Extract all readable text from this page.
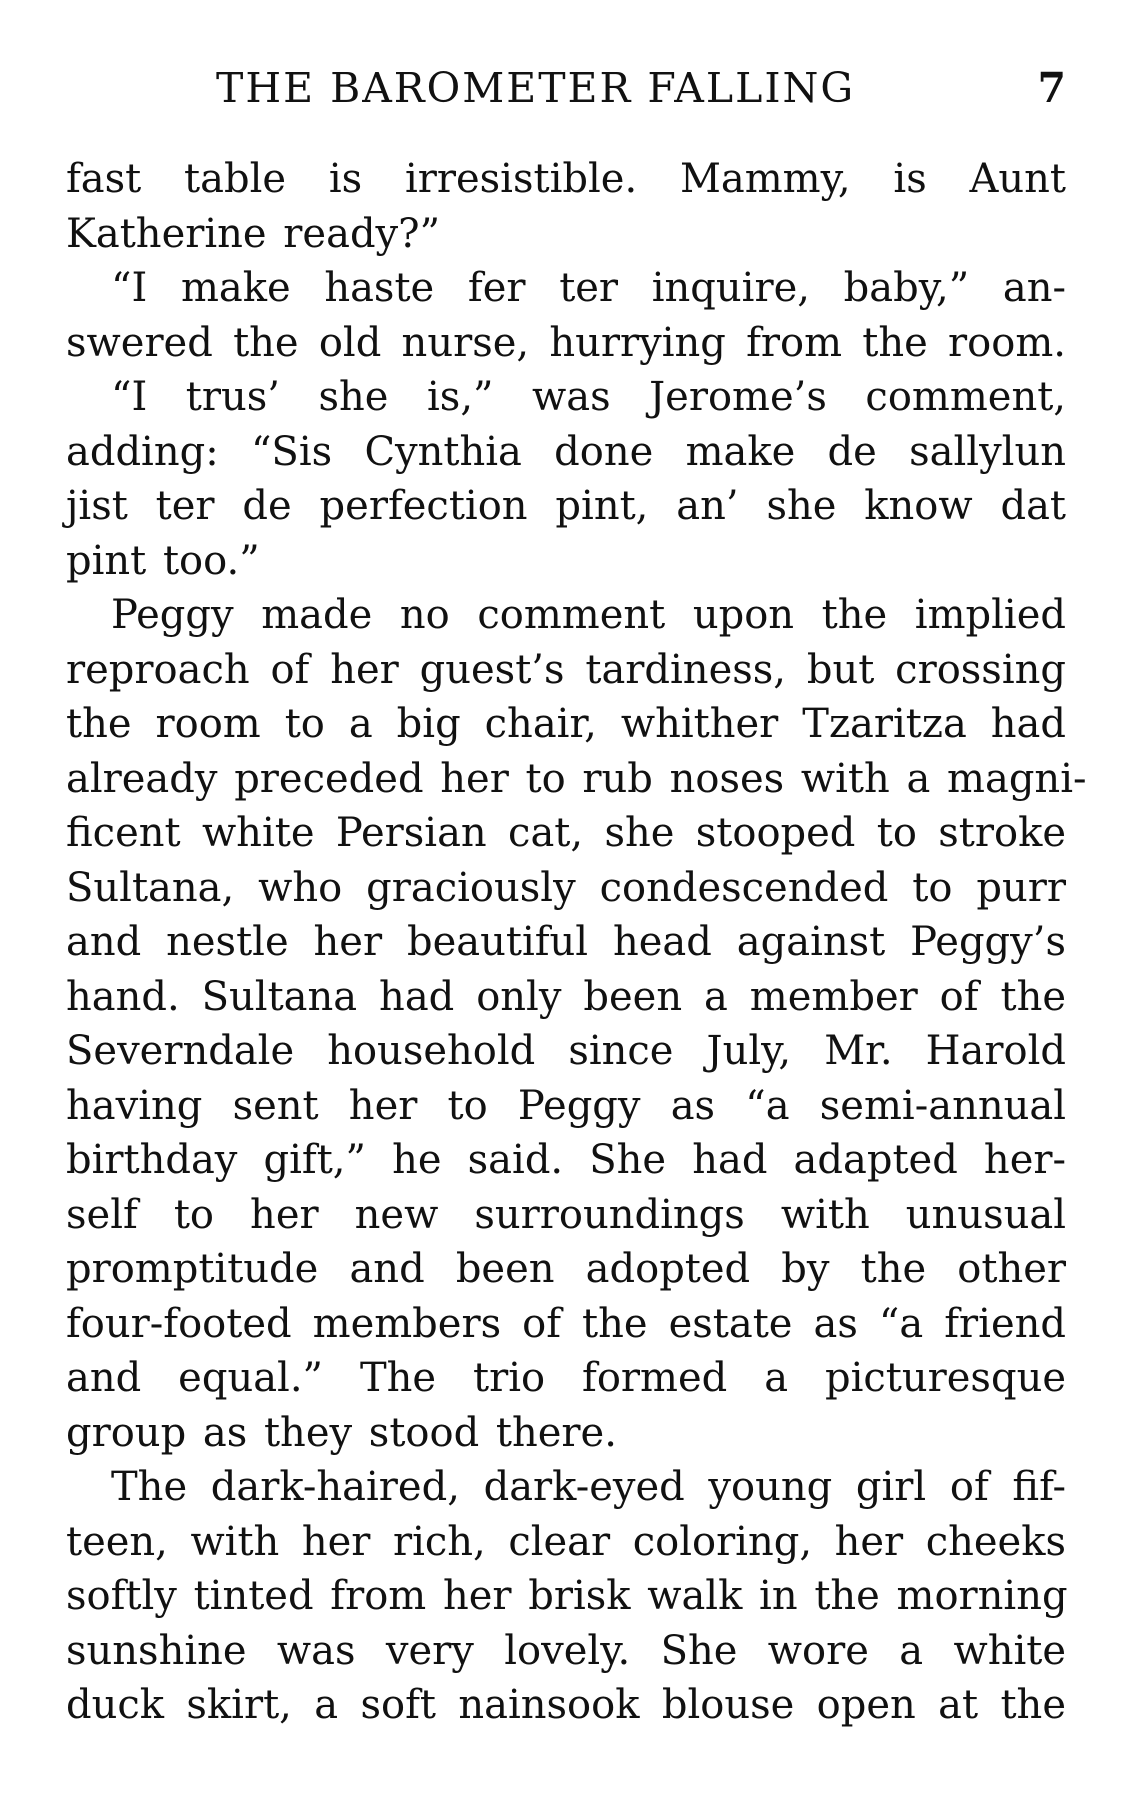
THE BAROMETER FALLING	7
fast table is irresistible. Mammy, is Aunt
Katherine ready?”
“I make haste fer ter inquire, baby,” an-
swered the old nurse, hurrying from the room.
“I trus’ she is,” was Jerome’s comment,
adding: “Sis Cynthia done make de sallylun
jist ter de perfection pint, an’ she know dat
pint too.”
Peggy made no comment upon the implied
reproach of her guest’s tardiness, but crossing
the room to a big chair, whither Tzaritza had
already preceded her to rub noses with a magni-
ficent white Persian cat, she stooped to stroke
Sultana, who graciously condescended to purr
and nestle her beautiful head against Peggy’s
hand. Sultana had only been a member of the
Severndale household since July, Mr. Harold
having sent her to Peggy as “a semi-annual
birthday gift,” he said. She had adapted her-
self to her new surroundings with unusual
promptitude and been adopted by the other
four-footed members of the estate as “a friend
and equal.” The trio formed a picturesque
group as they stood there.
The dark-haired, dark-eyed young girl of fif-
teen, with her rich, clear coloring, her cheeks
softly tinted from her brisk walk in the morning
sunshine was very lovely. She wore a white
duck skirt, a soft nainsook blouse open at the
